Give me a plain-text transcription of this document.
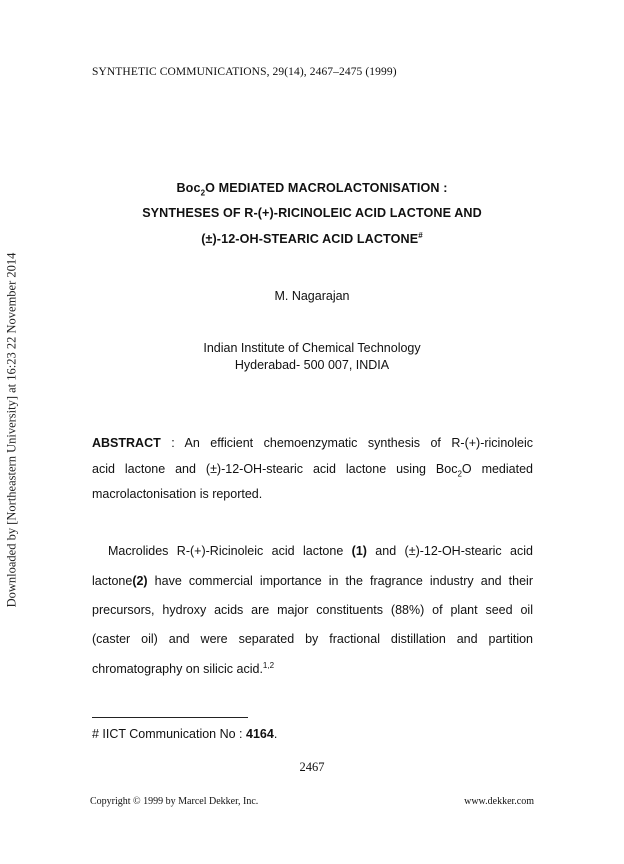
Downloaded by [Northeastern University] at 16:23 22 November 2014
SYNTHETIC COMMUNICATIONS, 29(14), 2467–2475 (1999)
Boc$_2$O MEDIATED MACROLACTONISATION :
SYNTHESES OF R-(+)-RICINOLEIC ACID LACTONE AND
(±)-12-OH-STEARIC ACID LACTONE#
M. Nagarajan
Indian Institute of Chemical Technology
Hyderabad- 500 007, INDIA
ABSTRACT : An efficient chemoenzymatic synthesis of R-(+)-ricinoleic
acid lactone and (±)-12-OH-stearic acid lactone using Boc$_2$O mediated
macrolactonisation is reported.
Macrolides R-(+)-Ricinoleic acid lactone (1) and (±)-12-OH-stearic acid
lactone(2) have commercial importance in the fragrance industry and their
precursors, hydroxy acids are major constituents (88%) of plant seed oil
(caster oil) and were separated by fractional distillation and partition
chromatography on silicic acid.$^{1,2}$
# IICT Communication No : 4164.
2467
Copyright © 1999 by Marcel Dekker, Inc.	www.dekker.com
